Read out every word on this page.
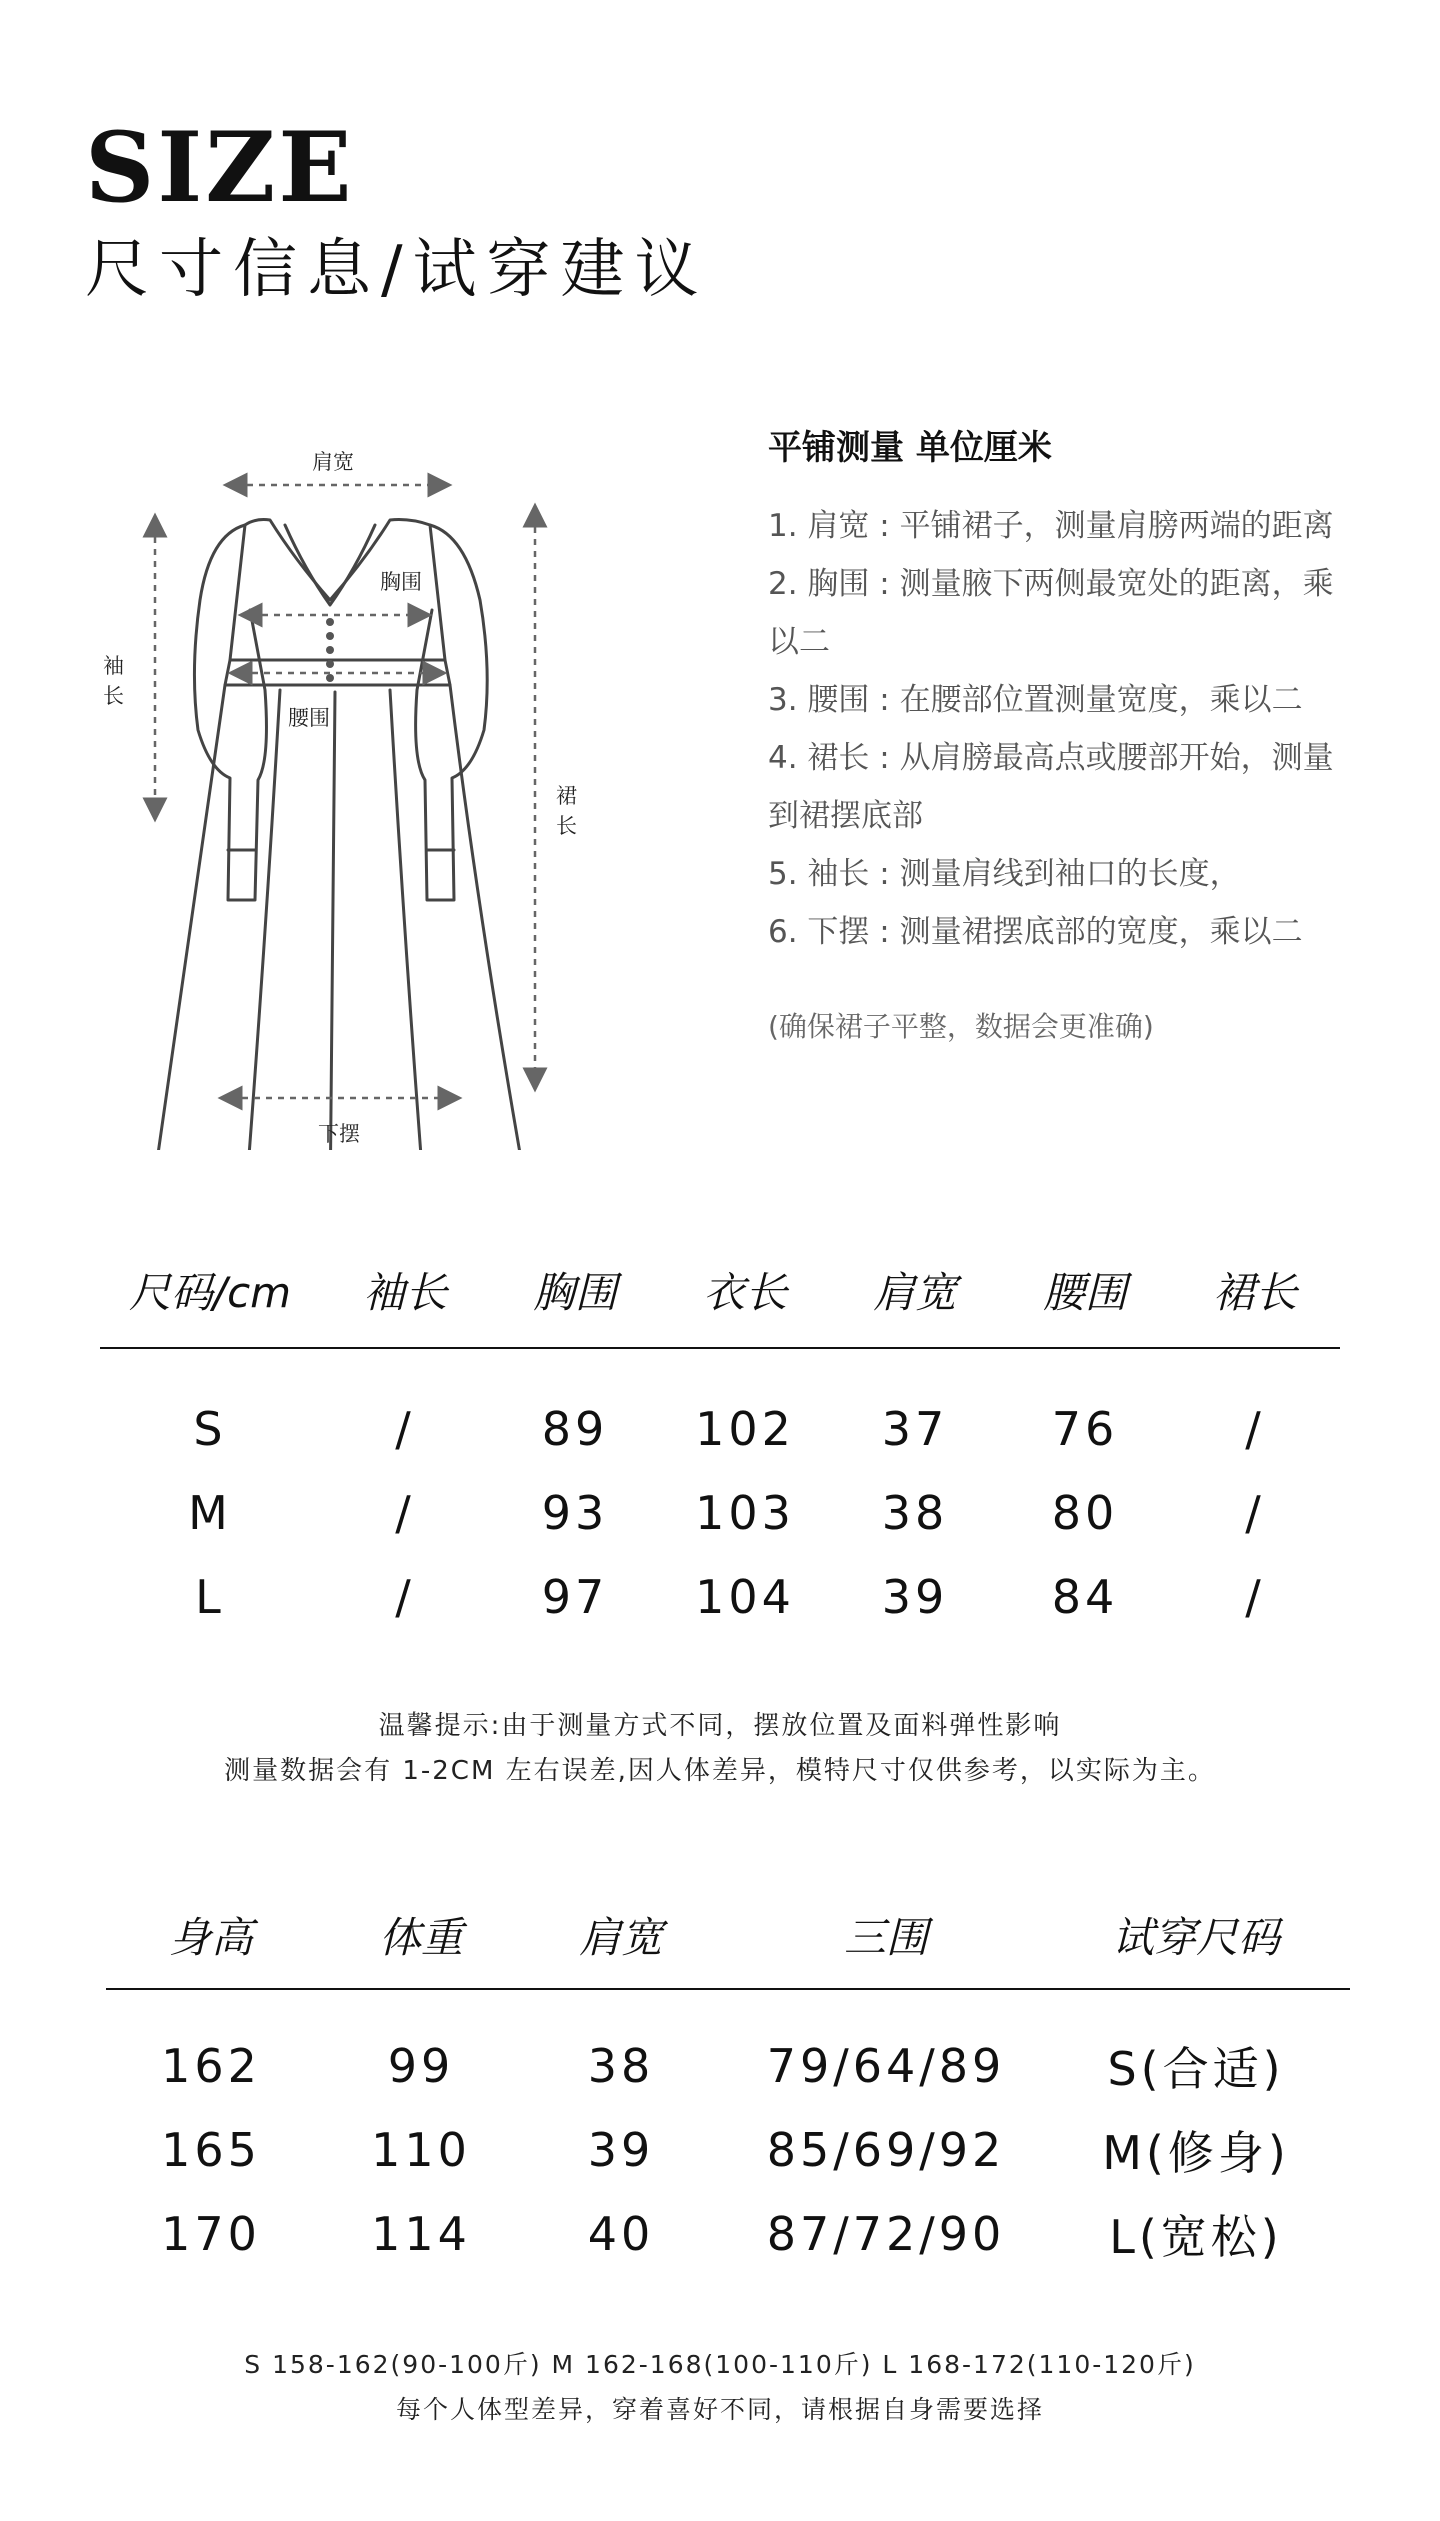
SIZE
尺寸信息/试穿建议
肩宽
胸围
腰围
袖
长
裙
长
下摆
平铺测量 单位厘米
1. 肩宽 : 平铺裙子，测量肩膀两端的距离
2. 胸围 : 测量腋下两侧最宽处的距离，乘
以二
3. 腰围 : 在腰部位置测量宽度，乘以二
4. 裙长 : 从肩膀最高点或腰部开始，测量
到裙摆底部
5. 袖长 : 测量肩线到袖口的长度，
6. 下摆 : 测量裙摆底部的宽度，乘以二
(确保裙子平整，数据会更准确)
尺码/cm	袖长	胸围	衣长	肩宽	腰围	裙长
S	/	89	102	37	76	/
M	/	93	103	38	80	/
L	/	97	104	39	84	/
温馨提示:由于测量方式不同，摆放位置及面料弹性影响
测量数据会有 1-2CM 左右误差,因人体差异，模特尺寸仅供参考，以实际为主。
身高	体重	肩宽	三围	试穿尺码
162	99	38	79/64/89	S(合适)
165	110	39	85/69/92	M(修身)
170	114	40	87/72/90	L(宽松)
S 158-162(90-100斤) M 162-168(100-110斤) L 168-172(110-120斤)
每个人体型差异，穿着喜好不同，请根据自身需要选择
